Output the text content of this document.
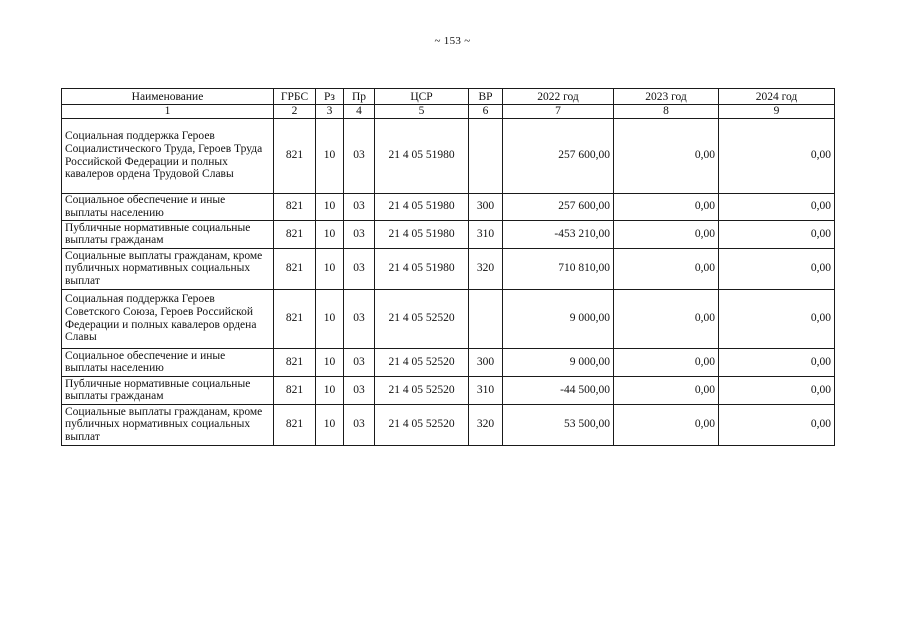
~ 153 ~
Наименование	ГРБС	Рз	Пр	ЦСР	ВР	2022 год	2023 год	2024 год
1	2	3	4	5	6	7	8	9
Социальная поддержка Героев Социалистического Труда, Героев Труда Российской Федерации и полных кавалеров ордена Трудовой Славы	821	10	03	21 4 05 51980		257 600,00	0,00	0,00
Социальное обеспечение и иные выплаты населению	821	10	03	21 4 05 51980	300	257 600,00	0,00	0,00
Публичные нормативные социальные выплаты гражданам	821	10	03	21 4 05 51980	310	-453 210,00	0,00	0,00
Социальные выплаты гражданам, кроме публичных нормативных социальных выплат	821	10	03	21 4 05 51980	320	710 810,00	0,00	0,00
Социальная поддержка Героев Советского Союза, Героев Российской Федерации и полных кавалеров ордена Славы	821	10	03	21 4 05 52520		9 000,00	0,00	0,00
Социальное обеспечение и иные выплаты населению	821	10	03	21 4 05 52520	300	9 000,00	0,00	0,00
Публичные нормативные социальные выплаты гражданам	821	10	03	21 4 05 52520	310	-44 500,00	0,00	0,00
Социальные выплаты гражданам, кроме публичных нормативных социальных выплат	821	10	03	21 4 05 52520	320	53 500,00	0,00	0,00
